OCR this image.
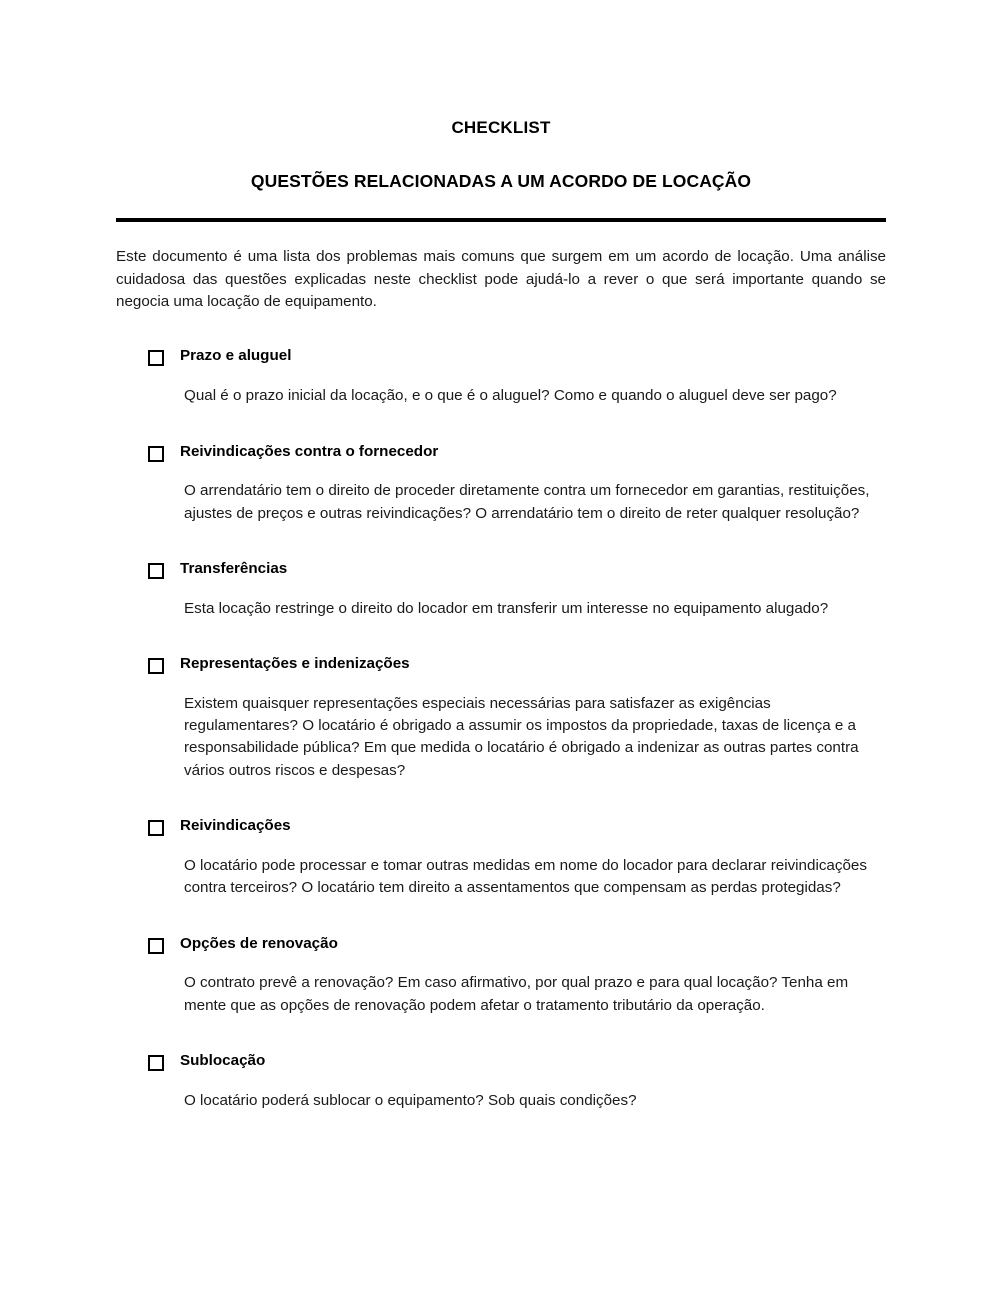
CHECKLIST
QUESTÕES RELACIONADAS A UM ACORDO DE LOCAÇÃO

Este documento é uma lista dos problemas mais comuns que surgem em um acordo de locação. Uma análise cuidadosa das questões explicadas neste checklist pode ajudá-lo a rever o que será importante quando se negocia uma locação de equipamento.

Prazo e aluguel

Qual é o prazo inicial da locação, e o que é o aluguel? Como e quando o aluguel deve ser pago?

Reivindicações contra o fornecedor

O arrendatário tem o direito de proceder diretamente contra um fornecedor em garantias, restituições, ajustes de preços e outras reivindicações? O arrendatário tem o direito de reter qualquer resolução?

Transferências

Esta locação restringe o direito do locador em transferir um interesse no equipamento alugado?

Representações e indenizações

Existem quaisquer representações especiais necessárias para satisfazer as exigências regulamentares? O locatário é obrigado a assumir os impostos da propriedade, taxas de licença e a responsabilidade pública? Em que medida o locatário é obrigado a indenizar as outras partes contra vários outros riscos e despesas?

Reivindicações

O locatário pode processar e tomar outras medidas em nome do locador para declarar reivindicações contra terceiros? O locatário tem direito a assentamentos que compensam as perdas protegidas?

Opções de renovação

O contrato prevê a renovação? Em caso afirmativo, por qual prazo e para qual locação? Tenha em mente que as opções de renovação podem afetar o tratamento tributário da operação.

Sublocação

O locatário poderá sublocar o equipamento? Sob quais condições?
